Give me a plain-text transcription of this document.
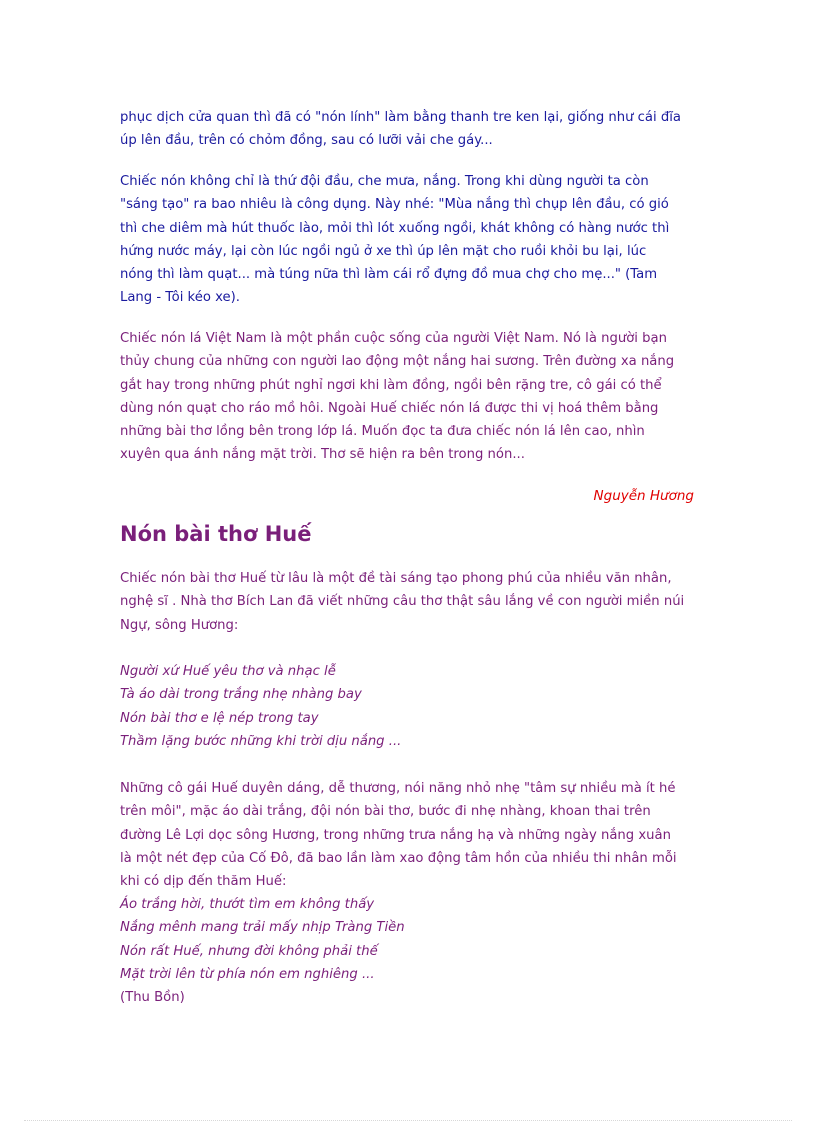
phục dịch cửa quan thì đã có "nón lính" làm bằng thanh tre ken lại, giống như cái đĩa
úp lên đầu, trên có chỏm đồng, sau có lưỡi vải che gáy...

Chiếc nón không chỉ là thứ đội đầu, che mưa, nắng. Trong khi dùng người ta còn
"sáng tạo" ra bao nhiêu là công dụng. Này nhé: "Mùa nắng thì chụp lên đầu, có gió
thì che diêm mà hút thuốc lào, mỏi thì lót xuống ngồi, khát không có hàng nước thì
hứng nước máy, lại còn lúc ngồi ngủ ở xe thì úp lên mặt cho ruồi khỏi bu lại, lúc
nóng thì làm quạt... mà túng nữa thì làm cái rổ đựng đồ mua chợ cho mẹ..." (Tam
Lang - Tôi kéo xe).

Chiếc nón lá Việt Nam là một phần cuộc sống của người Việt Nam. Nó là người bạn
thủy chung của những con người lao động một nắng hai sương. Trên đường xa nắng
gắt hay trong những phút nghỉ ngơi khi làm đồng, ngồi bên rặng tre, cô gái có thể
dùng nón quạt cho ráo mồ hôi. Ngoài Huế chiếc nón lá được thi vị hoá thêm bằng
những bài thơ lồng bên trong lớp lá. Muốn đọc ta đưa chiếc nón lá lên cao, nhìn
xuyên qua ánh nắng mặt trời. Thơ sẽ hiện ra bên trong nón...

Nguyễn Hương
Nón bài thơ Huế

Chiếc nón bài thơ Huế từ lâu là một đề tài sáng tạo phong phú của nhiều văn nhân,
nghệ sĩ . Nhà thơ Bích Lan đã viết những câu thơ thật sâu lắng về con người miền núi
Ngự, sông Hương:

Người xứ Huế yêu thơ và nhạc lễ
Tà áo dài trong trắng nhẹ nhàng bay
Nón bài thơ e lệ nép trong tay
Thầm lặng bước những khi trời dịu nắng ...

Những cô gái Huế duyên dáng, dễ thương, nói năng nhỏ nhẹ "tâm sự nhiều mà ít hé
trên môi", mặc áo dài trắng, đội nón bài thơ, bước đi nhẹ nhàng, khoan thai trên
đường Lê Lợi dọc sông Hương, trong những trưa nắng hạ và những ngày nắng xuân
là một nét đẹp của Cố Đô, đã bao lần làm xao động tâm hồn của nhiều thi nhân mỗi
khi có dịp đến thăm Huế:

Áo trắng hời, thướt tìm em không thấy
Nắng mênh mang trải mấy nhịp Tràng Tiền
Nón rất Huế, nhưng đời không phải thế
Mặt trời lên từ phía nón em nghiêng ...

(Thu Bồn)
